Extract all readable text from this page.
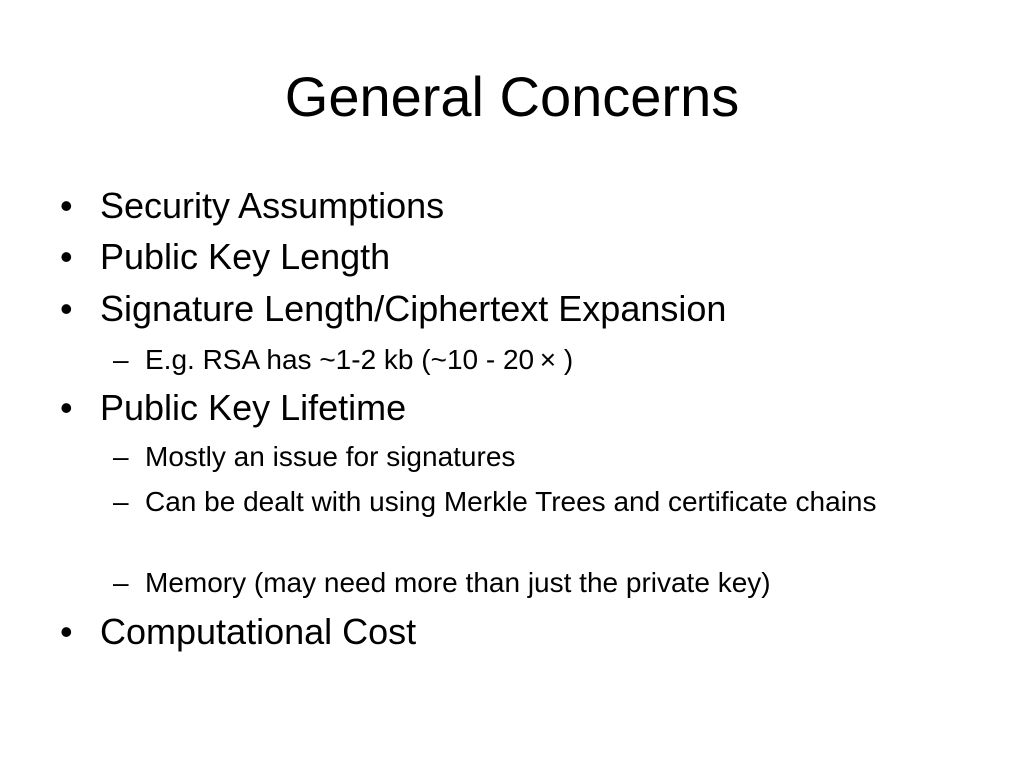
General Concerns
• Security Assumptions
• Public Key Length
• Signature Length/Ciphertext Expansion
– E.g. RSA has ~1-2 kb (~10 - 20 × )
• Public Key Lifetime
– Mostly an issue for signatures
– Can be dealt with using Merkle Trees and certificate chains
– Memory (may need more than just the private key)
• Computational Cost
